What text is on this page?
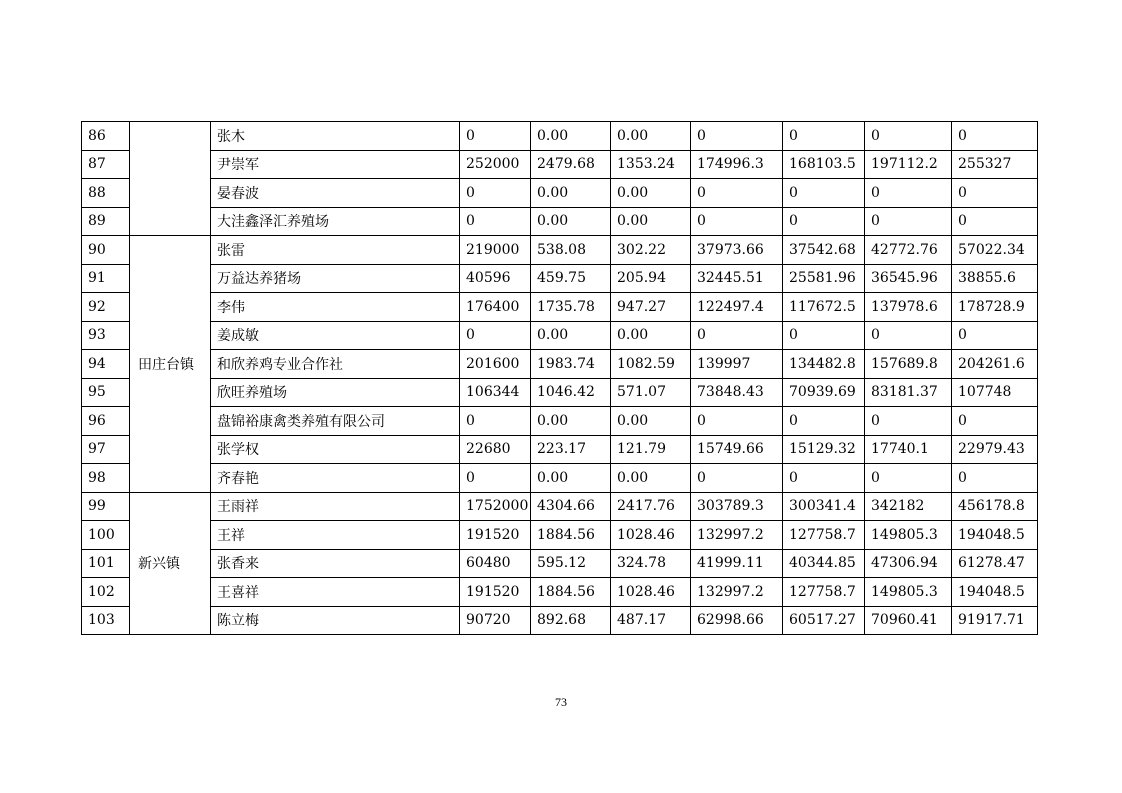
86		张木	0	0.00	0.00	0	0	0	0
87		尹崇军	252000	2479.68	1353.24	174996.3	168103.5	197112.2	255327
88		晏春波	0	0.00	0.00	0	0	0	0
89		大洼鑫泽汇养殖场	0	0.00	0.00	0	0	0	0
90	田庄台镇	张雷	219000	538.08	302.22	37973.66	37542.68	42772.76	57022.34
91		万益达养猪场	40596	459.75	205.94	32445.51	25581.96	36545.96	38855.6
92		李伟	176400	1735.78	947.27	122497.4	117672.5	137978.6	178728.9
93		姜成敏	0	0.00	0.00	0	0	0	0
94		和欣养鸡专业合作社	201600	1983.74	1082.59	139997	134482.8	157689.8	204261.6
95		欣旺养殖场	106344	1046.42	571.07	73848.43	70939.69	83181.37	107748
96		盘锦裕康禽类养殖有限公司	0	0.00	0.00	0	0	0	0
97		张学权	22680	223.17	121.79	15749.66	15129.32	17740.1	22979.43
98		齐春艳	0	0.00	0.00	0	0	0	0
99	新兴镇	王雨祥	1752000	4304.66	2417.76	303789.3	300341.4	342182	456178.8
100		王祥	191520	1884.56	1028.46	132997.2	127758.7	149805.3	194048.5
101		张香来	60480	595.12	324.78	41999.11	40344.85	47306.94	61278.47
102		王喜祥	191520	1884.56	1028.46	132997.2	127758.7	149805.3	194048.5
103		陈立梅	90720	892.68	487.17	62998.66	60517.27	70960.41	91917.71
73
